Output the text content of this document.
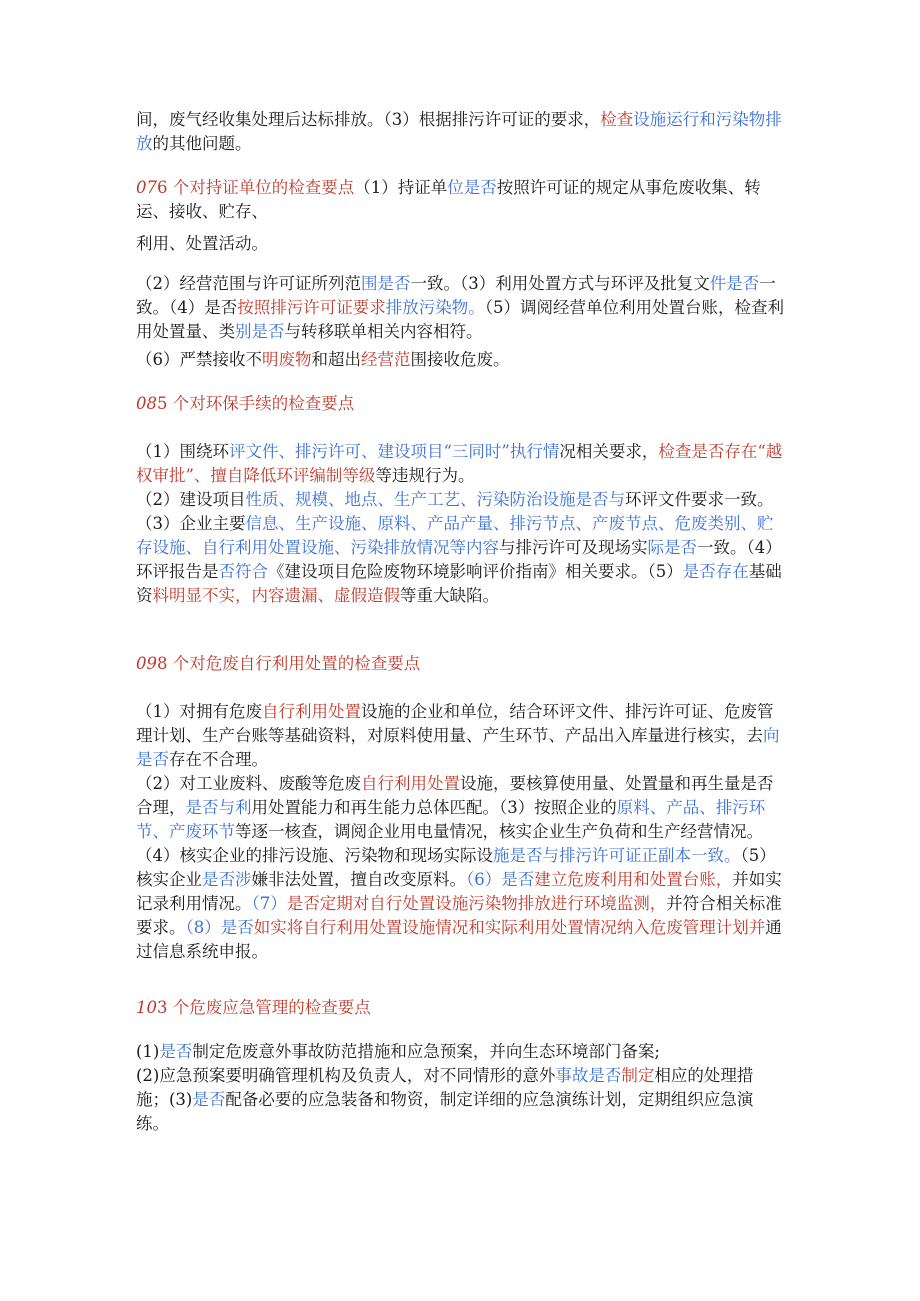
间，废气经收集处理后达标排放。（3）根据排污许可证的要求，检查设施运行和污染物排放的其他问题。

076 个对持证单位的检查要点（1）持证单位是否按照许可证的规定从事危废收集、转运、接收、贮存、

利用、处置活动。

（2）经营范围与许可证所列范围是否一致。（3）利用处置方式与环评及批复文件是否一致。（4）是否按照排污许可证要求排放污染物。（5）调阅经营单位利用处置台账，检查利用处置量、类别是否与转移联单相关内容相符。

（6）严禁接收不明废物和超出经营范围接收危废。

085 个对环保手续的检查要点

（1）围绕环评文件、排污许可、建设项目“三同时”执行情况相关要求，检查是否存在“越权审批”、擅自降低环评编制等级等违规行为。

（2）建设项目性质、规模、地点、生产工艺、污染防治设施是否与环评文件要求一致。（3）企业主要信息、生产设施、原料、产品产量、排污节点、产废节点、危废类别、贮存设施、自行利用处置设施、污染排放情况等内容与排污许可及现场实际是否一致。（4）环评报告是否符合《建设项目危险废物环境影响评价指南》相关要求。（5）是否存在基础资料明显不实，内容遗漏、虚假造假等重大缺陷。

098 个对危废自行利用处置的检查要点

（1）对拥有危废自行利用处置设施的企业和单位，结合环评文件、排污许可证、危废管理计划、生产台账等基础资料，对原料使用量、产生环节、产品出入库量进行核实，去向是否存在不合理。

（2）对工业废料、废酸等危废自行利用处置设施，要核算使用量、处置量和再生量是否合理，是否与利用处置能力和再生能力总体匹配。（3）按照企业的原料、产品、排污环节、产废环节等逐一核查，调阅企业用电量情况，核实企业生产负荷和生产经营情况。（4）核实企业的排污设施、污染物和现场实际设施是否与排污许可证正副本一致。（5）核实企业是否涉嫌非法处置，擅自改变原料。（6）是否建立危废利用和处置台账，并如实记录利用情况。（7）是否定期对自行处置设施污染物排放进行环境监测，并符合相关标准要求。（8）是否如实将自行利用处置设施情况和实际利用处置情况纳入危废管理计划并通过信息系统申报。

103 个危废应急管理的检查要点

(1)是否制定危废意外事故防范措施和应急预案，并向生态环境部门备案;

(2)应急预案要明确管理机构及负责人，对不同情形的意外事故是否制定相应的处理措施；(3)是否配备必要的应急装备和物资，制定详细的应急演练计划，定期组织应急演练。
